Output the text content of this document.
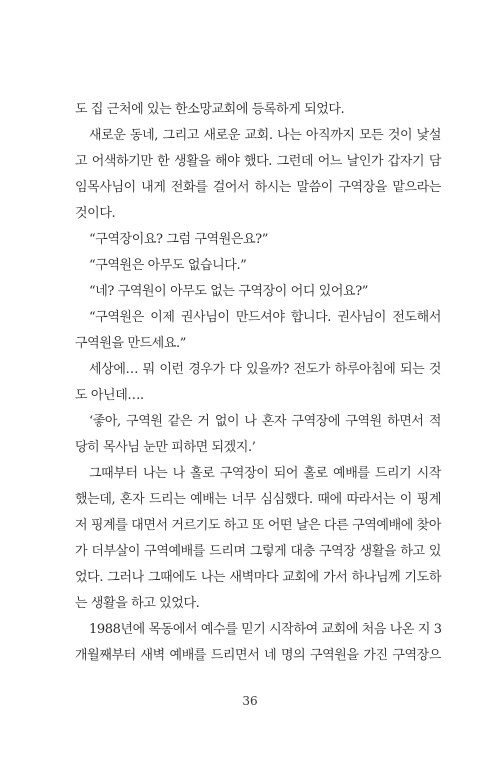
도 집 근처에 있는 한소망교회에 등록하게 되었다.
새로운 동네, 그리고 새로운 교회. 나는 아직까지 모든 것이 낯설
고 어색하기만 한 생활을 해야 했다. 그런데 어느 날인가 갑자기 담
임목사님이 내게 전화를 걸어서 하시는 말씀이 구역장을 맡으라는
것이다.
“구역장이요? 그럼 구역원은요?”
“구역원은 아무도 없습니다.”
“네? 구역원이 아무도 없는 구역장이 어디 있어요?”
“구역원은 이제 권사님이 만드셔야 합니다. 권사님이 전도해서
구역원을 만드세요.”
세상에… 뭐 이런 경우가 다 있을까? 전도가 하루아침에 되는 것
도 아닌데….
‘좋아, 구역원 같은 거 없이 나 혼자 구역장에 구역원 하면서 적
당히 목사님 눈만 피하면 되겠지.’
그때부터 나는 나 홀로 구역장이 되어 홀로 예배를 드리기 시작
했는데, 혼자 드리는 예배는 너무 심심했다. 때에 따라서는 이 핑계
저 핑계를 대면서 거르기도 하고 또 어떤 날은 다른 구역예배에 찾아
가 더부살이 구역예배를 드리며 그렇게 대충 구역장 생활을 하고 있
었다. 그러나 그때에도 나는 새벽마다 교회에 가서 하나님께 기도하
는 생활을 하고 있었다.
1988년에 목동에서 예수를 믿기 시작하여 교회에 처음 나온 지 3
개월째부터 새벽 예배를 드리면서 네 명의 구역원을 가진 구역장으
36
